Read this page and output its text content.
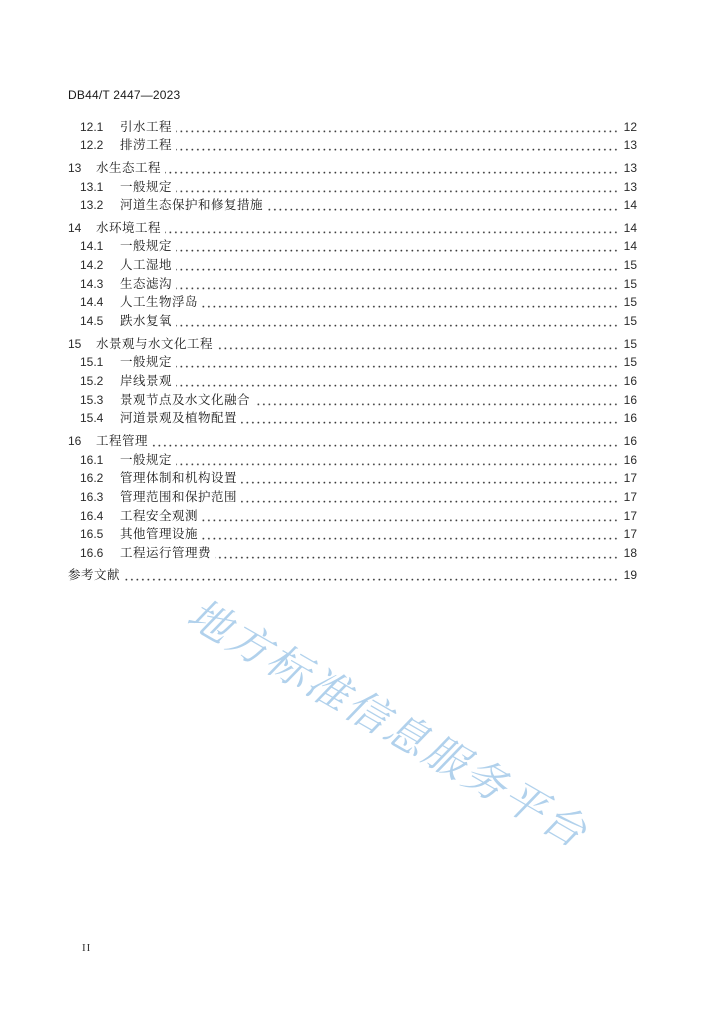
DB44/T 2447—2023
12.1	引水工程	12
12.2	排涝工程	13
13	水生态工程	13
13.1	一般规定	13
13.2	河道生态保护和修复措施	14
14	水环境工程	14
14.1	一般规定	14
14.2	人工湿地	15
14.3	生态滤沟	15
14.4	人工生物浮岛	15
14.5	跌水复氧	15
15	水景观与水文化工程	15
15.1	一般规定	15
15.2	岸线景观	16
15.3	景观节点及水文化融合	16
15.4	河道景观及植物配置	16
16	工程管理	16
16.1	一般规定	16
16.2	管理体制和机构设置	17
16.3	管理范围和保护范围	17
16.4	工程安全观测	17
16.5	其他管理设施	17
16.6	工程运行管理费	18
参考文献	19
地方标准信息服务平台
II
